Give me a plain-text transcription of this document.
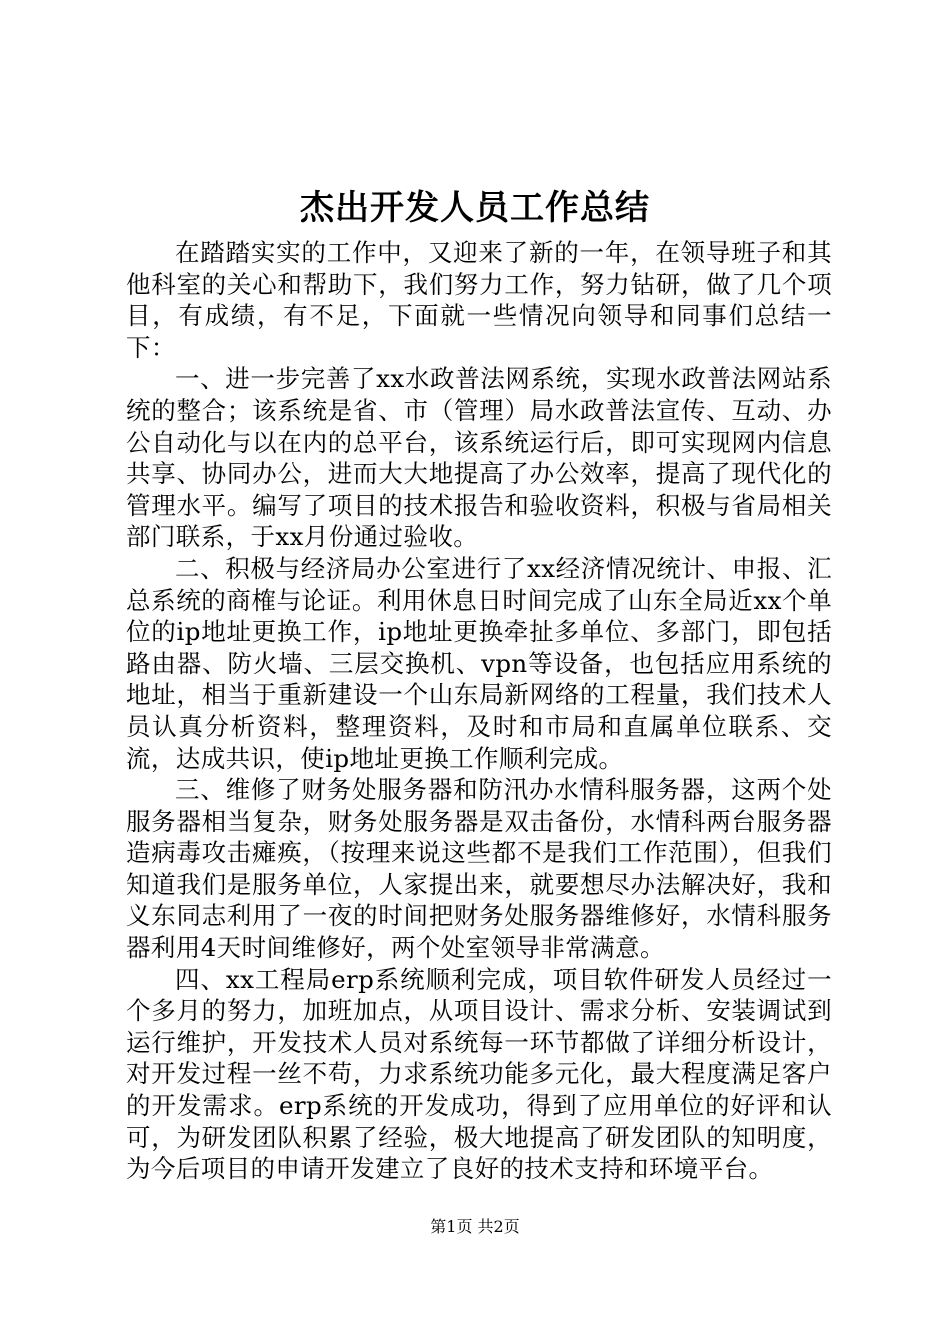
杰出开发人员工作总结

在踏踏实实的工作中，又迎来了新的一年，在领导班子和其他科室的关心和帮助下，我们努力工作，努力钻研，做了几个项目，有成绩，有不足，下面就一些情况向领导和同事们总结一下：

一、进一步完善了xx水政普法网系统，实现水政普法网站系统的整合；该系统是省、市（管理）局水政普法宣传、互动、办公自动化与以在内的总平台，该系统运行后，即可实现网内信息共享、协同办公，进而大大地提高了办公效率，提高了现代化的管理水平。编写了项目的技术报告和验收资料，积极与省局相关部门联系，于xx月份通过验收。

二、积极与经济局办公室进行了xx经济情况统计、申报、汇总系统的商榷与论证。利用休息日时间完成了山东全局近xx个单位的ip地址更换工作，ip地址更换牵扯多单位、多部门，即包括路由器、防火墙、三层交换机、vpn等设备，也包括应用系统的地址，相当于重新建设一个山东局新网络的工程量，我们技术人员认真分析资料，整理资料，及时和市局和直属单位联系、交流，达成共识，使ip地址更换工作顺利完成。

三、维修了财务处服务器和防汛办水情科服务器，这两个处服务器相当复杂，财务处服务器是双击备份，水情科两台服务器造病毒攻击瘫痪，（按理来说这些都不是我们工作范围），但我们知道我们是服务单位，人家提出来，就要想尽办法解决好，我和义东同志利用了一夜的时间把财务处服务器维修好，水情科服务器利用4天时间维修好，两个处室领导非常满意。

四、xx工程局erp系统顺利完成，项目软件研发人员经过一个多月的努力，加班加点，从项目设计、需求分析、安装调试到运行维护，开发技术人员对系统每一环节都做了详细分析设计，对开发过程一丝不苟，力求系统功能多元化，最大程度满足客户的开发需求。erp系统的开发成功，得到了应用单位的好评和认可，为研发团队积累了经验，极大地提高了研发团队的知明度，为今后项目的申请开发建立了良好的技术支持和环境平台。

第1页 共2页
